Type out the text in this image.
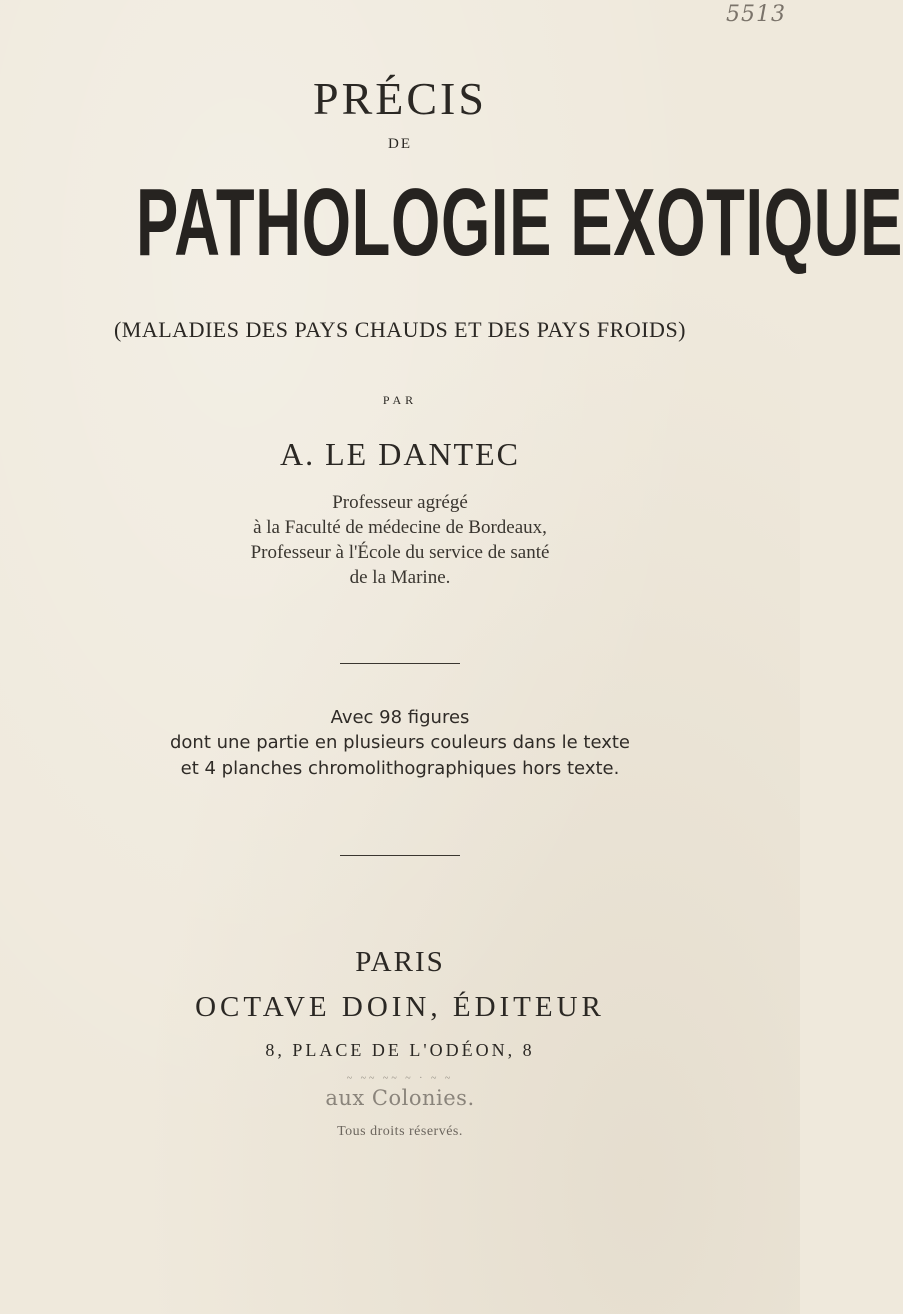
5513
PRÉCIS
DE
PATHOLOGIE EXOTIQUE
(MALADIES DES PAYS CHAUDS ET DES PAYS FROIDS)
PAR
A. LE DANTEC
Professeur agrégé
à la Faculté de médecine de Bordeaux,
Professeur à l'École du service de santé
de la Marine.
Avec 98 figures
dont une partie en plusieurs couleurs dans le texte
et 4 planches chromolithographiques hors texte.
PARIS
OCTAVE DOIN, ÉDITEUR
8, PLACE DE L'ODÉON, 8
~ ~~ ~~ ~ · ~ ~
aux Colonies.
Tous droits réservés.
